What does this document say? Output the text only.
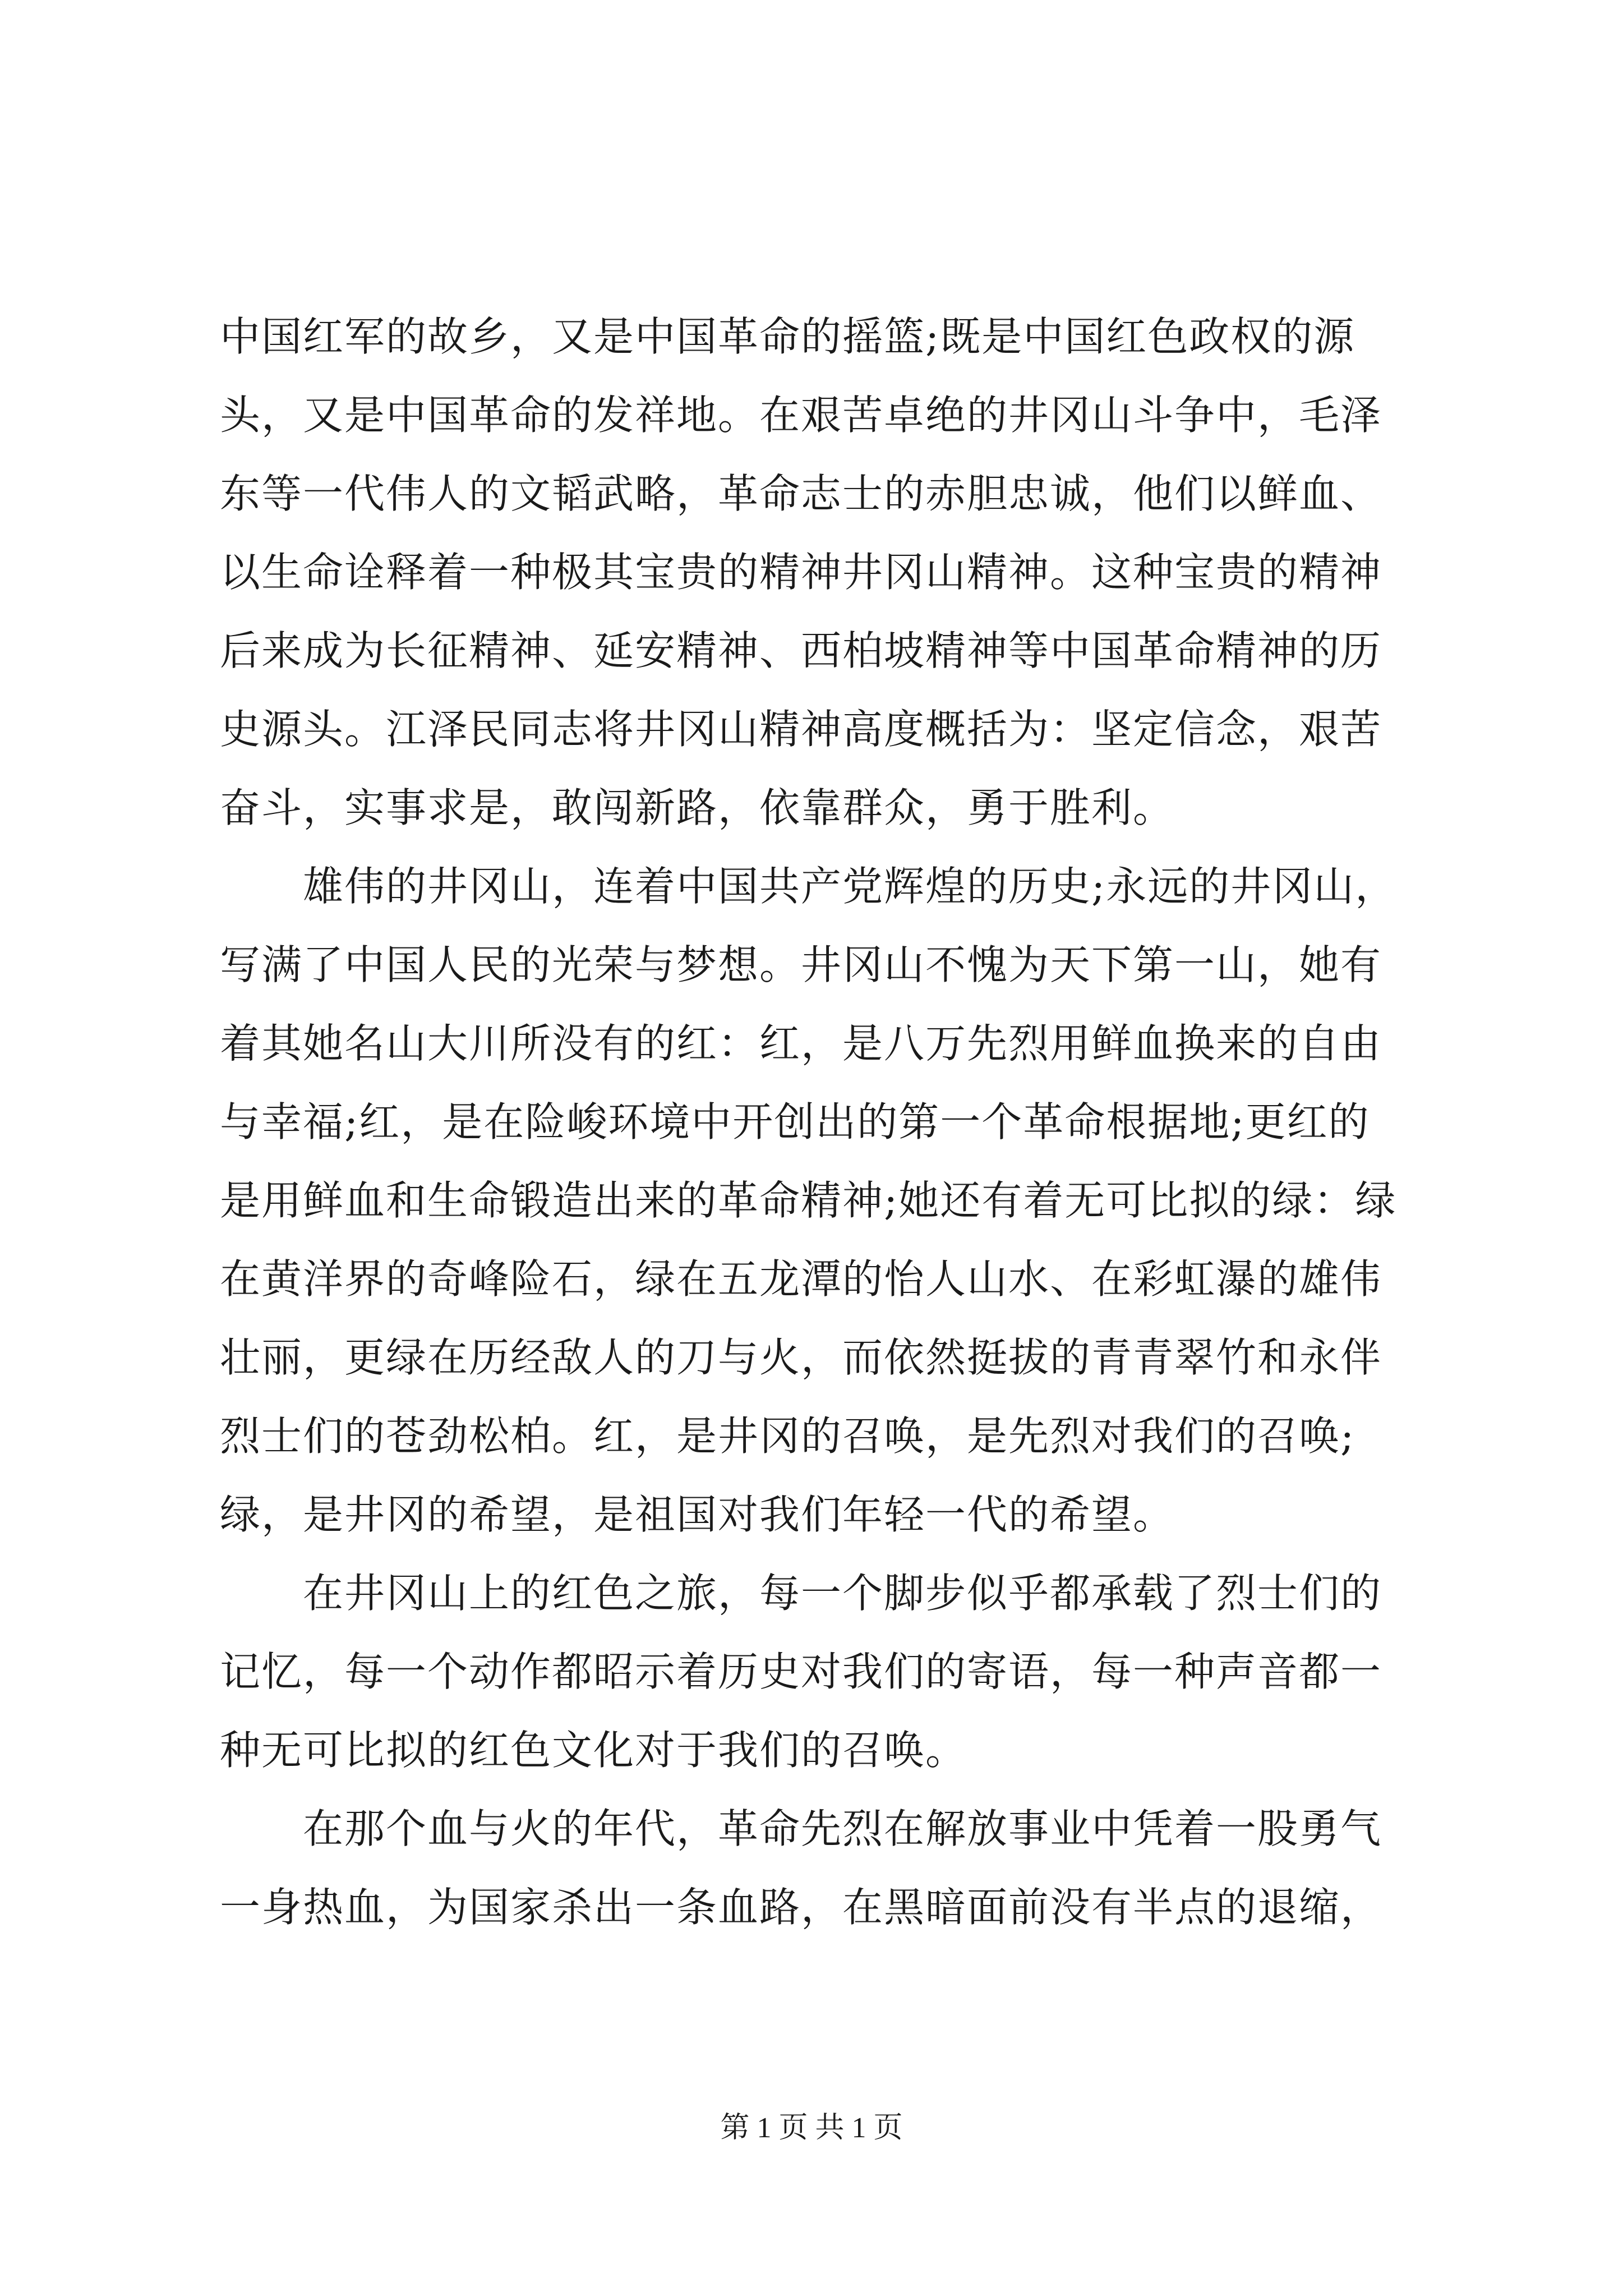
中国红军的故乡，又是中国革命的摇篮;既是中国红色政权的源头，又是中国革命的发祥地。在艰苦卓绝的井冈山斗争中，毛泽东等一代伟人的文韬武略，革命志士的赤胆忠诚，他们以鲜血、以生命诠释着一种极其宝贵的精神井冈山精神。这种宝贵的精神后来成为长征精神、延安精神、西柏坡精神等中国革命精神的历史源头。江泽民同志将井冈山精神高度概括为：坚定信念，艰苦奋斗，实事求是，敢闯新路，依靠群众，勇于胜利。

　　雄伟的井冈山，连着中国共产党辉煌的历史;永远的井冈山，写满了中国人民的光荣与梦想。井冈山不愧为天下第一山，她有着其她名山大川所没有的红：红，是八万先烈用鲜血换来的自由与幸福;红，是在险峻环境中开创出的第一个革命根据地;更红的是用鲜血和生命锻造出来的革命精神;她还有着无可比拟的绿：绿在黄洋界的奇峰险石，绿在五龙潭的怡人山水、在彩虹瀑的雄伟壮丽，更绿在历经敌人的刀与火，而依然挺拔的青青翠竹和永伴烈士们的苍劲松柏。红，是井冈的召唤，是先烈对我们的召唤;绿，是井冈的希望，是祖国对我们年轻一代的希望。

　　在井冈山上的红色之旅，每一个脚步似乎都承载了烈士们的记忆，每一个动作都昭示着历史对我们的寄语，每一种声音都一种无可比拟的红色文化对于我们的召唤。

　　在那个血与火的年代，革命先烈在解放事业中凭着一股勇气一身热血，为国家杀出一条血路，在黑暗面前没有半点的退缩，

第 1 页 共 1 页
